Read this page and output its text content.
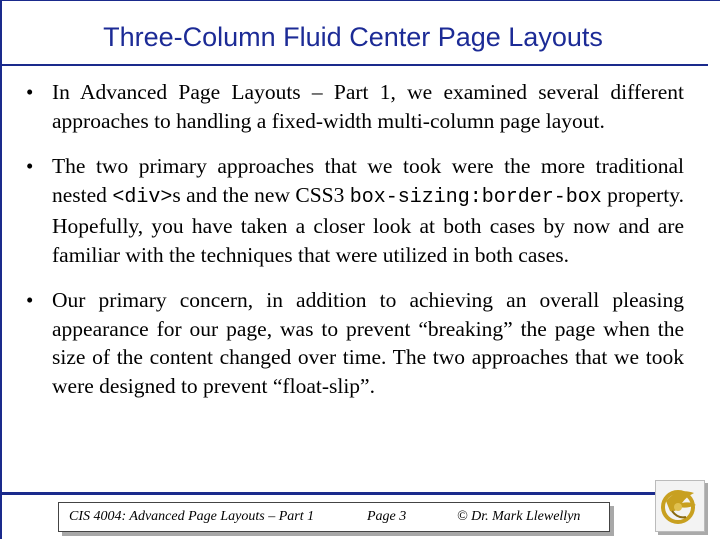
Three-Column Fluid Center Page Layouts
• In Advanced Page Layouts – Part 1, we examined several different approaches to handling a fixed-width multi-column page layout.
• The two primary approaches that we took were the more traditional nested <div>s and the new CSS3 box-sizing:border-box property. Hopefully, you have taken a closer look at both cases by now and are familiar with the techniques that were utilized in both cases.
• Our primary concern, in addition to achieving an overall pleasing appearance for our page, was to prevent “breaking” the page when the size of the content changed over time. The two approaches that we took were designed to prevent “float-slip”.
CIS 4004: Advanced Page Layouts – Part 1	Page 3	© Dr. Mark Llewellyn
